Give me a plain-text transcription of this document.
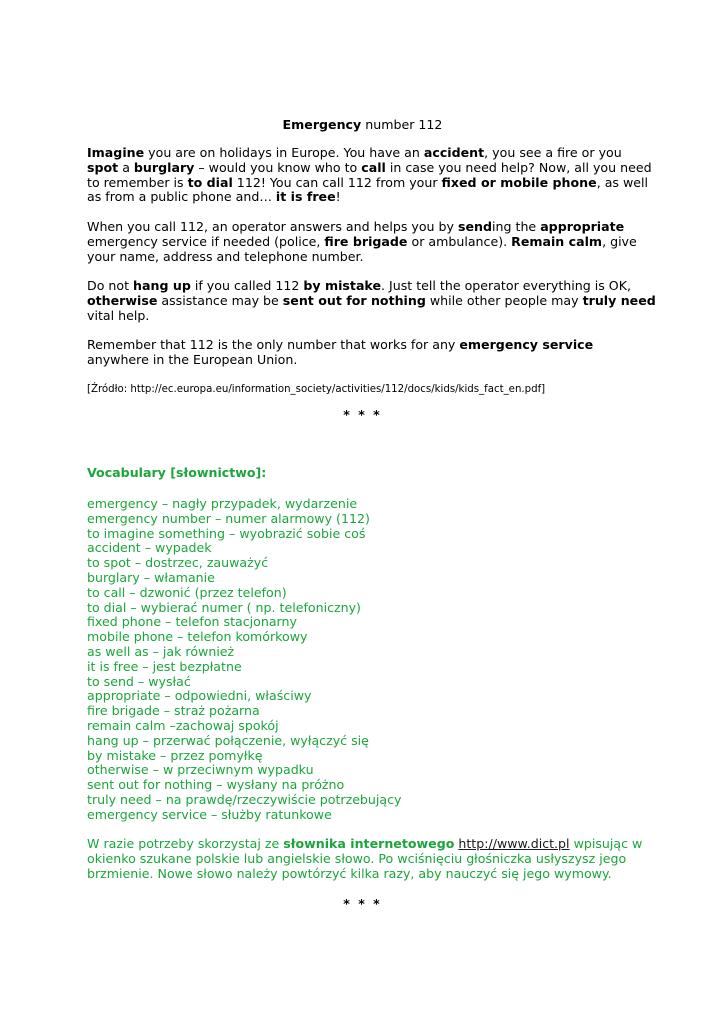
Emergency number 112
Imagine you are on holidays in Europe. You have an accident, you see a fire or you
spot a burglary – would you know who to call in case you need help? Now, all you need
to remember is to dial 112! You can call 112 from your fixed or mobile phone, as well
as from a public phone and… it is free!
When you call 112, an operator answers and helps you by sending the appropriate
emergency service if needed (police, fire brigade or ambulance). Remain calm, give
your name, address and telephone number.
Do not hang up if you called 112 by mistake. Just tell the operator everything is OK,
otherwise assistance may be sent out for nothing while other people may truly need
vital help.
Remember that 112 is the only number that works for any emergency service
anywhere in the European Union.
[Źródło: http://ec.europa.eu/information_society/activities/112/docs/kids/kids_fact_en.pdf]
* * *
Vocabulary [słownictwo]:
emergency – nagły przypadek, wydarzenie
emergency number – numer alarmowy (112)
to imagine something – wyobrazić sobie coś
accident – wypadek
to spot – dostrzec, zauważyć
burglary – włamanie
to call – dzwonić (przez telefon)
to dial – wybierać numer ( np. telefoniczny)
fixed phone – telefon stacjonarny
mobile phone – telefon komórkowy
as well as – jak również
it is free – jest bezpłatne
to send – wysłać
appropriate – odpowiedni, właściwy
fire brigade – straż pożarna
remain calm –zachowaj spokój
hang up – przerwać połączenie, wyłączyć się
by mistake – przez pomyłkę
otherwise – w przeciwnym wypadku
sent out for nothing – wysłany na próżno
truly need – na prawdę/rzeczywiście potrzebujący
emergency service – służby ratunkowe
W razie potrzeby skorzystaj ze słownika internetowego http://www.dict.pl wpisując w
okienko szukane polskie lub angielskie słowo. Po wciśnięciu głośniczka usłyszysz jego
brzmienie. Nowe słowo należy powtórzyć kilka razy, aby nauczyć się jego wymowy.
* * *
